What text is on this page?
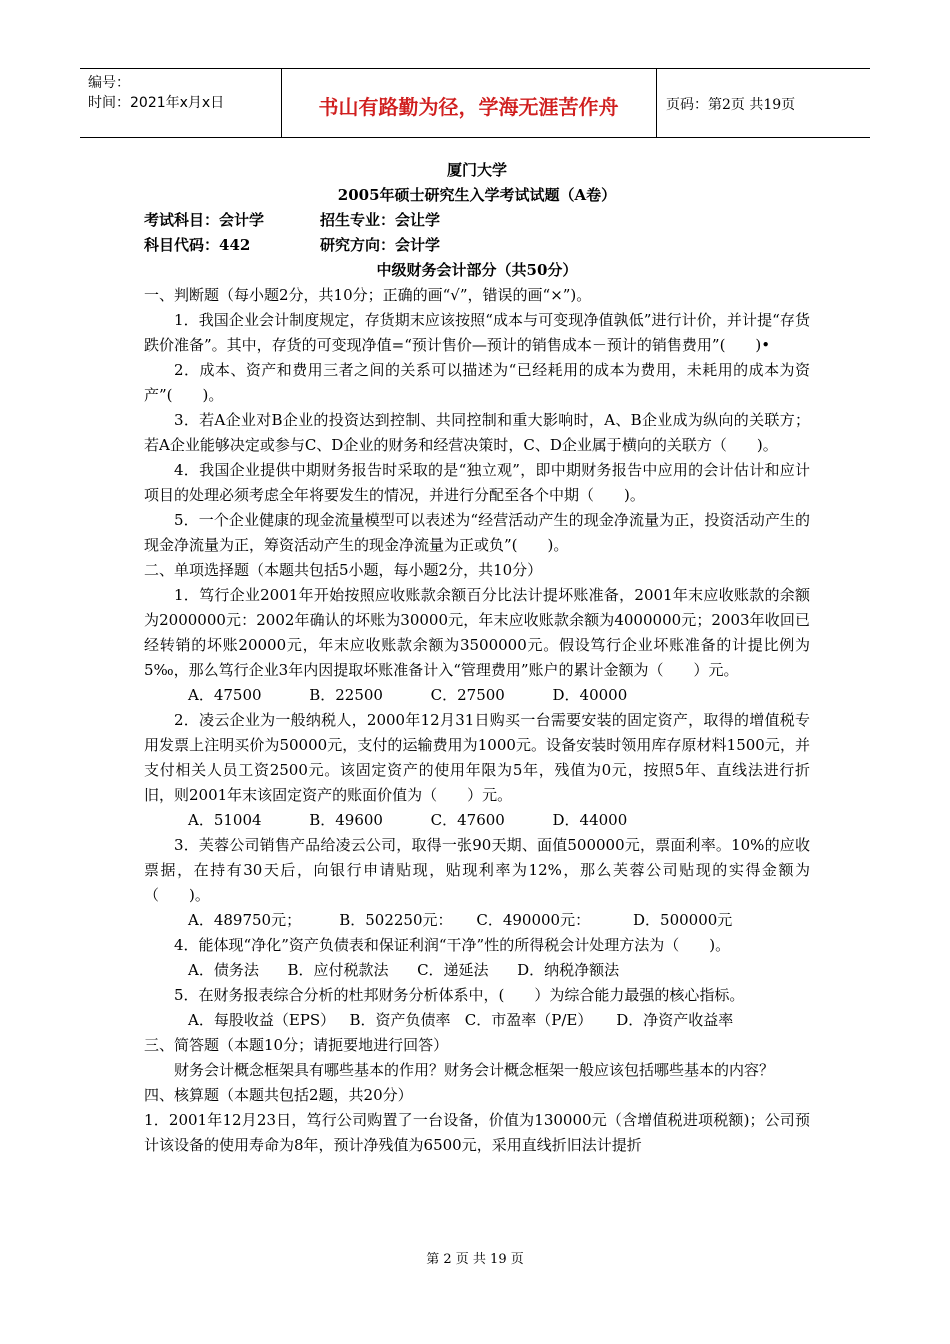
编号：
时间：2021年x月x日	书山有路勤为径，学海无涯苦作舟	页码：第2页 共19页

厦门大学

2005年硕士研究生入学考试试题（A卷）

考试科目：会计学	招生专业：会让学

科目代码：442	研究方向：会计学

中级财务会计部分（共50分）

一、判断题（每小题2分，共10分；正确的画“√”，错误的画“×”)。

1．我国企业会计制度规定，存货期末应该按照“成本与可变现净值孰低”进行计价，并计提“存货跌价准备”。其中，存货的可变现净值=“预计售价—预计的销售成本－预计的销售费用”(　　)•

2．成本、资产和费用三者之间的关系可以描述为“已经耗用的成本为费用，未耗用的成本为资产”(　　)。

3．若A企业对B企业的投资达到控制、共同控制和重大影响时，A、B企业成为纵向的关联方；若A企业能够决定或参与C、D企业的财务和经营决策时，C、D企业属于横向的关联方（　　)。

4．我国企业提供中期财务报告时采取的是“独立观”，即中期财务报告中应用的会计估计和应计项目的处理必须考虑全年将要发生的情况，并进行分配至各个中期（　　)。

5．一个企业健康的现金流量模型可以表述为“经营活动产生的现金净流量为正，投资活动产生的现金净流量为正，筹资活动产生的现金净流量为正或负”(　　)。

二、单项选择题（本题共包括5小题，每小题2分，共10分）

1．笃行企业2001年开始按照应收账款余额百分比法计提坏账准备，2001年末应收账款的余额为2000000元：2002年确认的坏账为30000元，年末应收账款余额为4000000元；2003年收回已经转销的坏账20000元，年末应收账款余额为3500000元。假设笃行企业坏账准备的计提比例为5‰，那么笃行企业3年内因提取坏账准备计入“管理费用”账户的累计金额为（　　）元。

A．47500          B．22500          C．27500          D．40000

2．凌云企业为一般纳税人，2000年12月31日购买一台需要安装的固定资产，取得的增值税专用发票上注明买价为50000元，支付的运输费用为1000元。设备安装时领用库存原材料1500元，并支付相关人员工资2500元。该固定资产的使用年限为5年，残值为0元，按照5年、直线法进行折旧，则2001年末该固定资产的账面价值为（　　）元。

A．51004          B．49600          C．47600          D．44000

3．芙蓉公司销售产品给凌云公司，取得一张90天期、面值500000元，票面利率。10%的应收票据，在持有30天后，向银行申请贴现，贴现利率为12%，那么芙蓉公司贴现的实得金额为（　　)。

A．489750元；        B．502250元：     C．490000元：         D．500000元

4．能体现“净化”资产负债表和保证利润“干净”性的所得税会计处理方法为（　　)。

A．债务法      B．应付税款法      C．递延法      D．纳税净额法

5．在财务报表综合分析的杜邦财务分析体系中，(　　）为综合能力最强的核心指标。

A．每股收益（EPS）   B．资产负债率   C．市盈率（P/E）     D．净资产收益率

三、简答题（本题10分；请扼要地进行回答）

财务会计概念框架具有哪些基本的作用？财务会计概念框架一般应该包括哪些基本的内容？

四、核算题（本题共包括2题，共20分）

1．2001年12月23日，笃行公司购置了一台设备，价值为130000元（含增值税进项税额)；公司预计该设备的使用寿命为8年，预计净残值为6500元，采用直线折旧法计提折

第 2 页 共 19 页
